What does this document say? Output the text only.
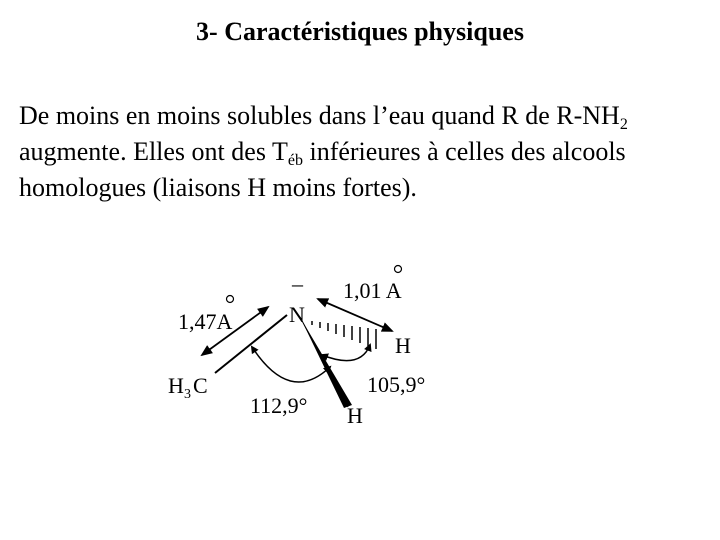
3- Caractéristiques physiques
De moins en moins solubles dans l’eau quand R de $R-NH_2$ augmente. Elles ont des $T_{éb}$ inférieures à celles des alcools homologues (liaisons H moins fortes).
–
N
H 3 C
H
H
1,01 A
1,47A
105,9°
112,9°
